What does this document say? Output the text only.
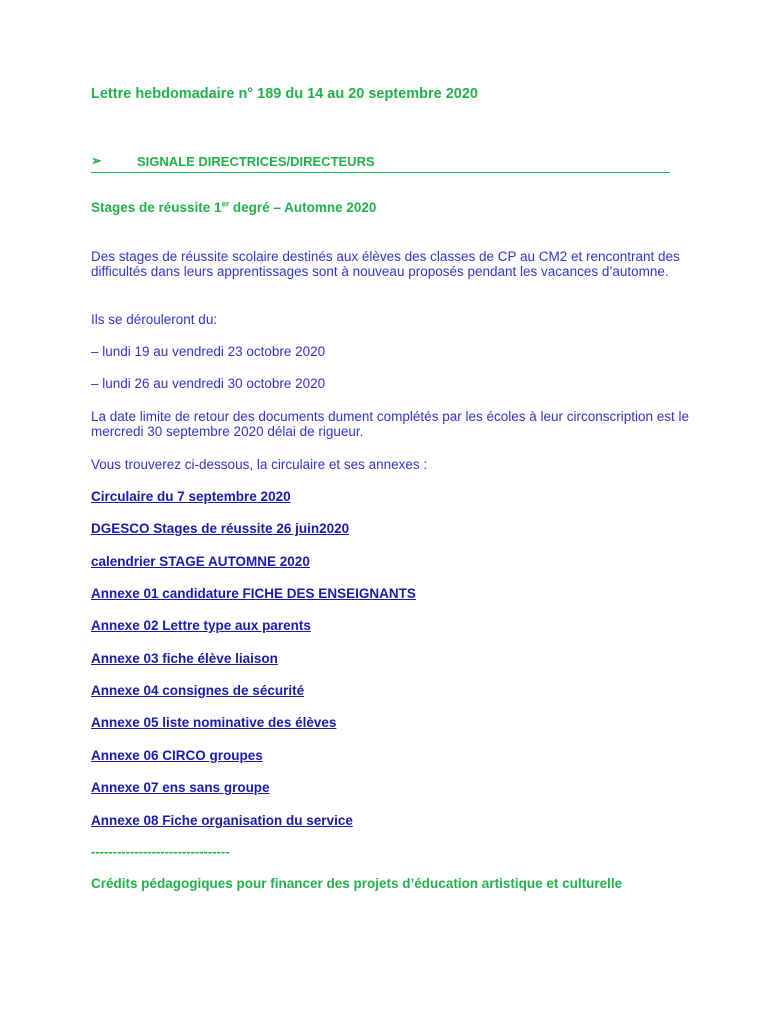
Lettre hebdomadaire n° 189 du 14 au 20 septembre 2020
➢	SIGNALE DIRECTRICES/DIRECTEURS
Stages de réussite 1er degré – Automne 2020
Des stages de réussite scolaire destinés aux élèves des classes de CP au CM2 et rencontrant des difficultés dans leurs apprentissages sont à nouveau proposés pendant les vacances d’automne.
Ils se dérouleront du:
– lundi 19 au vendredi 23 octobre 2020
– lundi 26 au vendredi 30 octobre 2020
La date limite de retour des documents dument complétés par les écoles à leur circonscription est le mercredi 30 septembre 2020 délai de rigueur.
Vous trouverez ci-dessous, la circulaire et ses annexes :
Circulaire du 7 septembre 2020
DGESCO Stages de réussite 26 juin2020
calendrier STAGE AUTOMNE 2020
Annexe 01 candidature FICHE DES ENSEIGNANTS
Annexe 02 Lettre type aux parents
Annexe 03 fiche élève liaison
Annexe 04 consignes de sécurité
Annexe 05 liste nominative des élèves
Annexe 06 CIRCO groupes
Annexe 07 ens sans groupe
Annexe 08 Fiche organisation du service
--------------------------------
Crédits pédagogiques pour financer des projets d’éducation artistique et culturelle
